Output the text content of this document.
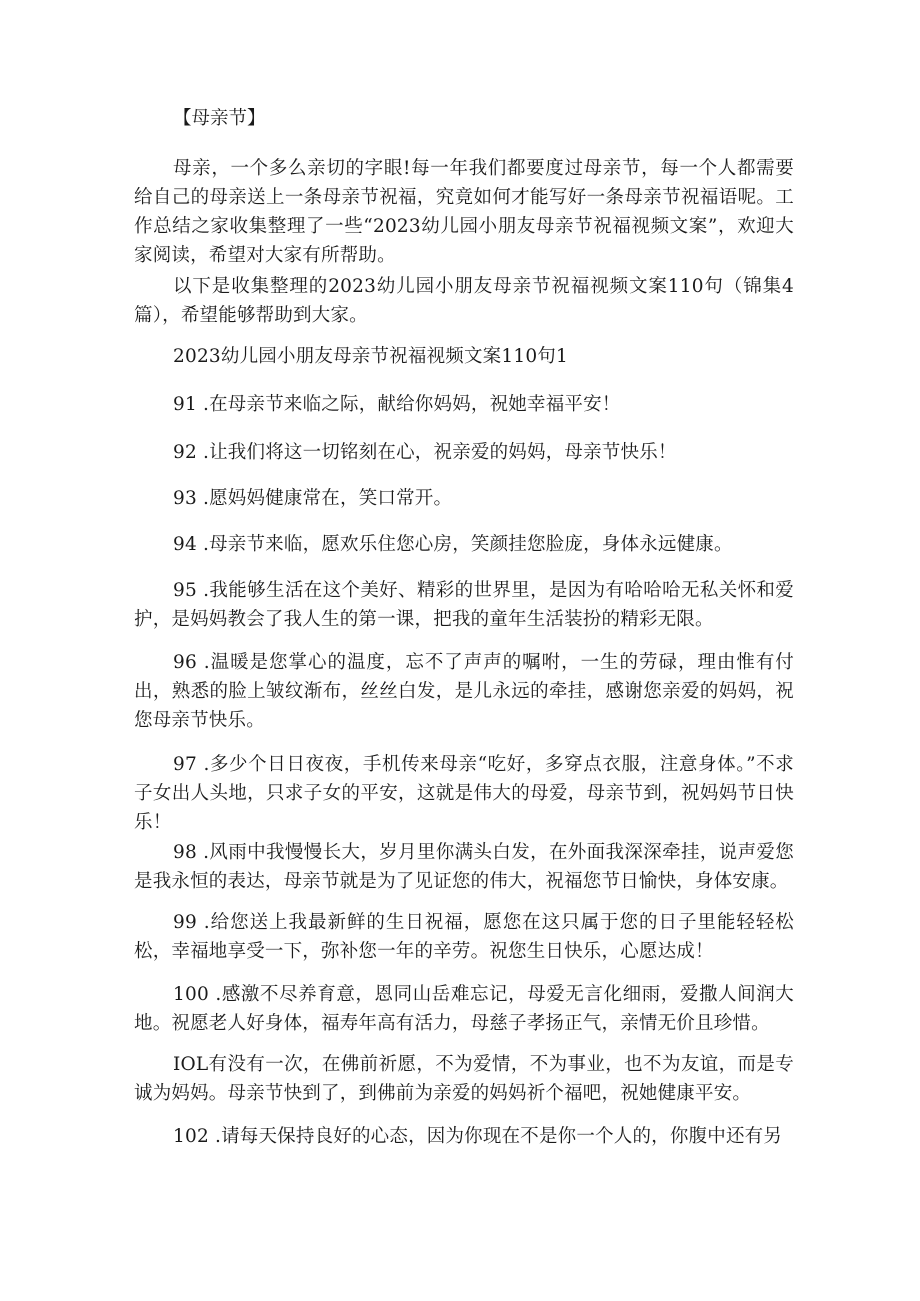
【母亲节】

母亲，一个多么亲切的字眼!每一年我们都要度过母亲节，每一个人都需要给自己的母亲送上一条母亲节祝福，究竟如何才能写好一条母亲节祝福语呢。工作总结之家收集整理了一些“2023幼儿园小朋友母亲节祝福视频文案”，欢迎大家阅读，希望对大家有所帮助。

以下是收集整理的2023幼儿园小朋友母亲节祝福视频文案110句（锦集4篇），希望能够帮助到大家。

2023幼儿园小朋友母亲节祝福视频文案110句1

91 .在母亲节来临之际，献给你妈妈，祝她幸福平安！

92 .让我们将这一切铭刻在心，祝亲爱的妈妈，母亲节快乐！

93 .愿妈妈健康常在，笑口常开。

94 .母亲节来临，愿欢乐住您心房，笑颜挂您脸庞，身体永远健康。

95 .我能够生活在这个美好、精彩的世界里，是因为有哈哈哈无私关怀和爱护，是妈妈教会了我人生的第一课，把我的童年生活装扮的精彩无限。

96 .温暖是您掌心的温度，忘不了声声的嘱咐，一生的劳碌，理由惟有付出，熟悉的脸上皱纹渐布，丝丝白发，是儿永远的牵挂，感谢您亲爱的妈妈，祝您母亲节快乐。

97 .多少个日日夜夜，手机传来母亲“吃好，多穿点衣服，注意身体。”不求子女出人头地，只求子女的平安，这就是伟大的母爱，母亲节到，祝妈妈节日快乐！

98 .风雨中我慢慢长大，岁月里你满头白发，在外面我深深牵挂，说声爱您是我永恒的表达，母亲节就是为了见证您的伟大，祝福您节日愉快，身体安康。

99 .给您送上我最新鲜的生日祝福，愿您在这只属于您的日子里能轻轻松松，幸福地享受一下，弥补您一年的辛劳。祝您生日快乐，心愿达成！

100 .感激不尽养育意，恩同山岳难忘记，母爱无言化细雨，爱撒人间润大地。祝愿老人好身体，福寿年高有活力，母慈子孝扬正气，亲情无价且珍惜。

IOL有没有一次，在佛前祈愿，不为爱情，不为事业，也不为友谊，而是专诚为妈妈。母亲节快到了，到佛前为亲爱的妈妈祈个福吧，祝她健康平安。

102 .请每天保持良好的心态，因为你现在不是你一个人的，你腹中还有另
